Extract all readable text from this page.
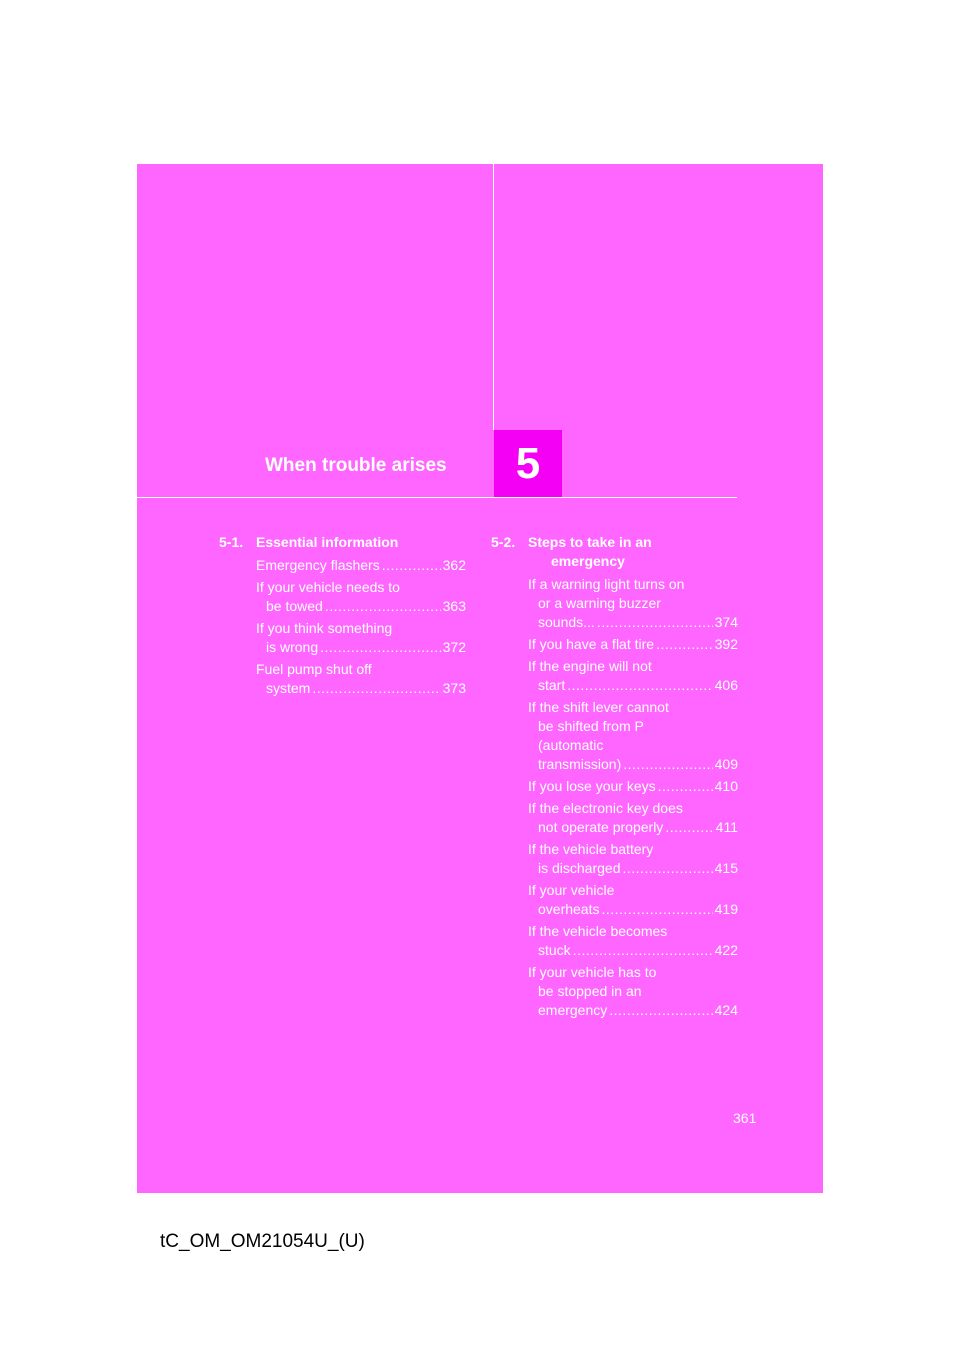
When trouble arises 5
5-1. Essential information
Emergency flashers .....	362
If your vehicle needs to
be towed .....	363
If you think something
is wrong .....	372
Fuel pump shut off
system .....	373
5-2. Steps to take in an
emergency
If a warning light turns on
or a warning buzzer
sounds... .....	374
If you have a flat tire .....	392
If the engine will not
start .....	406
If the shift lever cannot
be shifted from P
(automatic
transmission) .....	409
If you lose your keys .....	410
If the electronic key does
not operate properly .....	411
If the vehicle battery
is discharged .....	415
If your vehicle
overheats .....	419
If the vehicle becomes
stuck .....	422
If your vehicle has to
be stopped in an
emergency .....	424
361
tC_OM_OM21054U_(U)
